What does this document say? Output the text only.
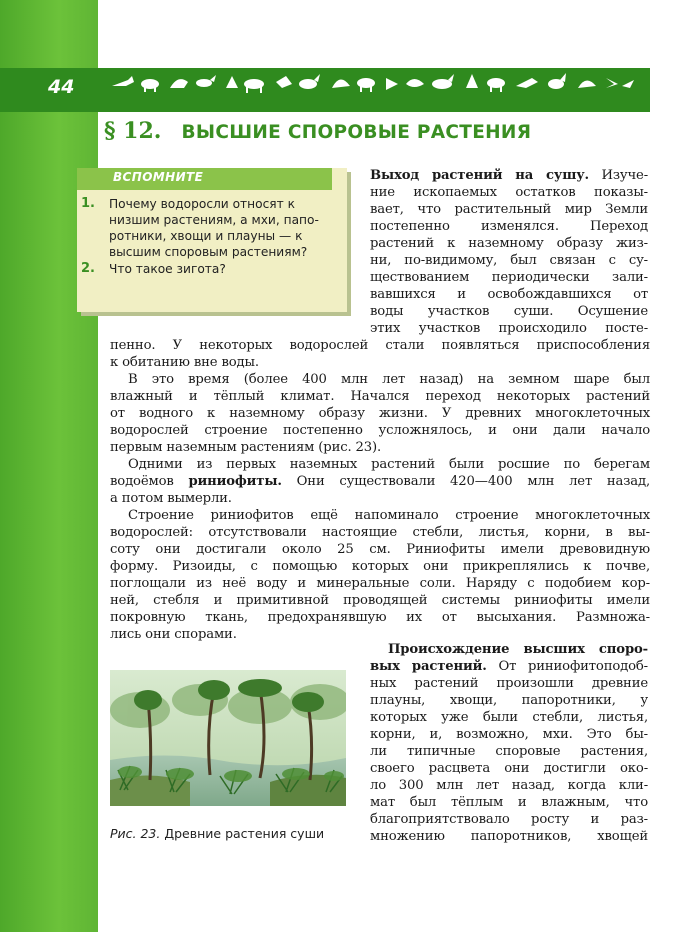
44
§ 12. ВЫСШИЕ СПОРОВЫЕ РАСТЕНИЯ
ВСПОМНИТЕ
1. Почему водоросли относят к
низшим растениям, а мхи, папо-
ротники, хвощи и плауны — к
высшим споровым растениям?
2. Что такое зигота?
Выход растений на сушу. Изуче-
ние ископаемых остатков показы-
вает, что растительный мир Земли
постепенно изменялся. Переход
растений к наземному образу жиз-
ни, по-видимому, был связан с су-
ществованием периодически зали-
вавшихся и освобождавшихся от
воды участков суши. Осушение
этих участков происходило посте-
пенно. У некоторых водорослей стали появляться приспособления
к обитанию вне воды.
В это время (более 400 млн лет назад) на земном шаре был
влажный и тёплый климат. Начался переход некоторых растений
от водного к наземному образу жизни. У древних многоклеточных
водорослей строение постепенно усложнялось, и они дали начало
первым наземным растениям (рис. 23).
Одними из первых наземных растений были росшие по берегам
водоёмов риниофиты. Они существовали 420—400 млн лет назад,
а потом вымерли.
Строение риниофитов ещё напоминало строение многоклеточных
водорослей: отсутствовали настоящие стебли, листья, корни, в вы-
соту они достигали около 25 см. Риниофиты имели древовидную
форму. Ризоиды, с помощью которых они прикреплялись к почве,
поглощали из неё воду и минеральные соли. Наряду с подобием кор-
ней, стебля и примитивной проводящей системы риниофиты имели
покровную ткань, предохранявшую их от высыхания. Размножа-
лись они спорами.
Происхождение высших споро-
вых растений. От риниофитоподоб-
ных растений произошли древние
плауны, хвощи, папоротники, у
которых уже были стебли, листья,
корни, и, возможно, мхи. Это бы-
ли типичные споровые растения,
своего расцвета они достигли око-
ло 300 млн лет назад, когда кли-
мат был тёплым и влажным, что
благоприятствовало росту и раз-
множению папоротников, хвощей
Рис. 23. Древние растения суши
